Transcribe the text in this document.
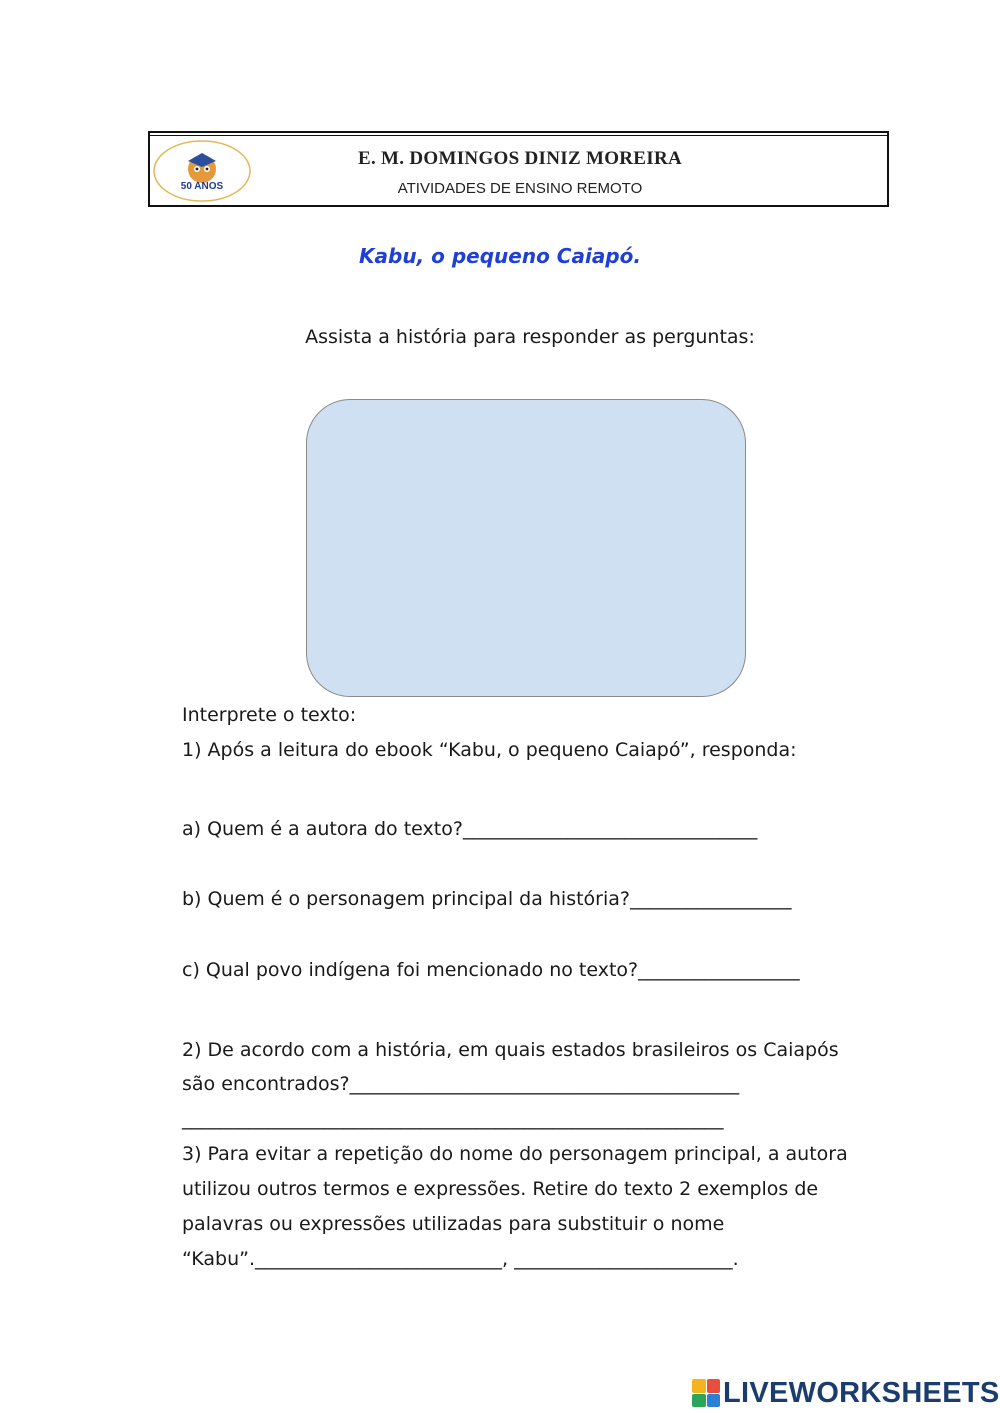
50 ANOS
E. M. DOMINGOS DINIZ MOREIRA
ATIVIDADES DE ENSINO REMOTO
Kabu, o pequeno Caiapó.
Assista a história para responder as perguntas:
Interprete o texto:
1) Após a leitura do ebook “Kabu, o pequeno Caiapó”, responda:
a) Quem é a autora do texto?_______________________________
b) Quem é o personagem principal da história?_________________
c) Qual povo indígena foi mencionado no texto?_________________
2) De acordo com a história, em quais estados brasileiros os Caiapós
são encontrados?_________________________________________
_________________________________________________________
3) Para evitar a repetição do nome do personagem principal, a autora
utilizou outros termos e expressões. Retire do texto 2 exemplos de
palavras ou expressões utilizadas para substituir o nome
“Kabu”.__________________________, _______________________.
LIVEWORKSHEETS
